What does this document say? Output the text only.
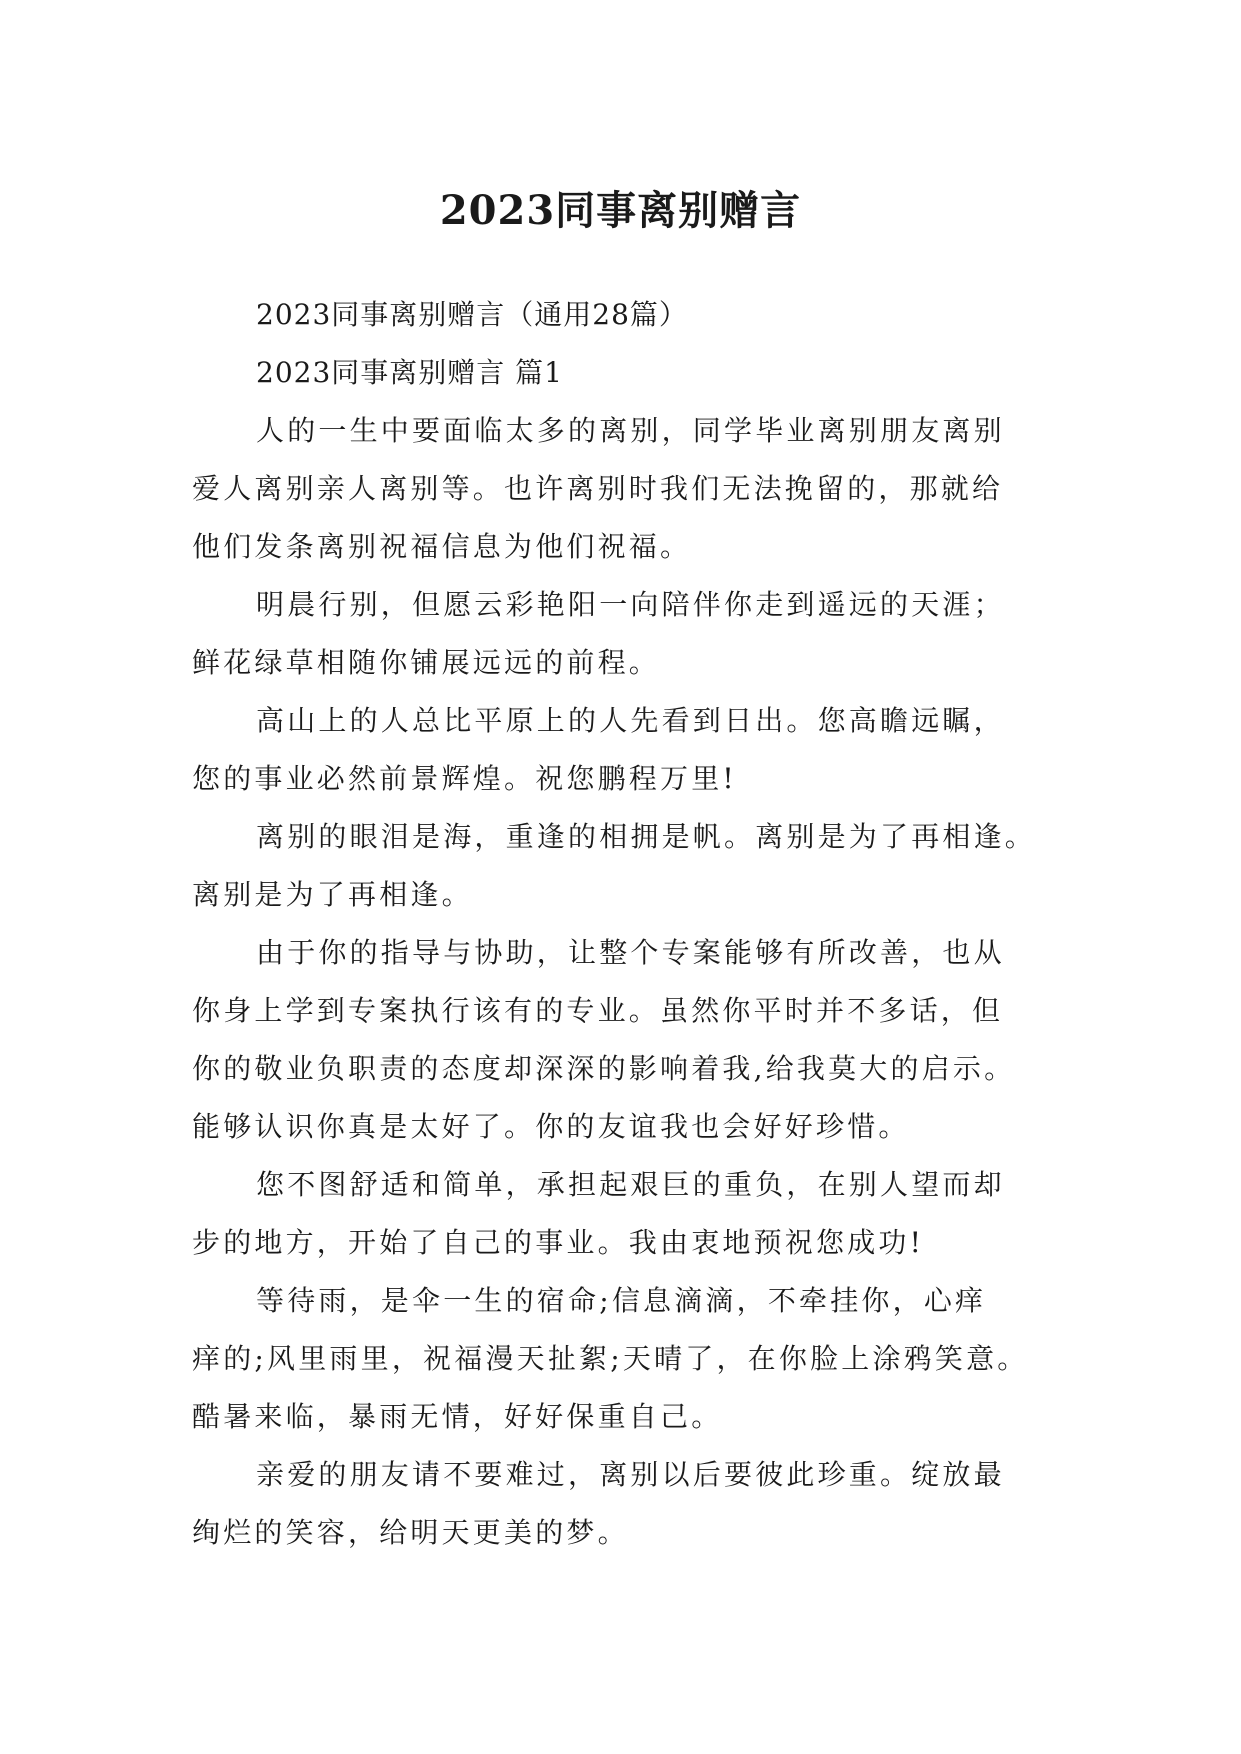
2023同事离别赠言

2023同事离别赠言（通用28篇）

2023同事离别赠言 篇1

人的一生中要面临太多的离别，同学毕业离别朋友离别
爱人离别亲人离别等。也许离别时我们无法挽留的，那就给
他们发条离别祝福信息为他们祝福。

明晨行别，但愿云彩艳阳一向陪伴你走到遥远的天涯；
鲜花绿草相随你铺展远远的前程。

高山上的人总比平原上的人先看到日出。您高瞻远瞩，
您的事业必然前景辉煌。祝您鹏程万里!

离别的眼泪是海，重逢的相拥是帆。离别是为了再相逢。
离别是为了再相逢。

由于你的指导与协助，让整个专案能够有所改善，也从
你身上学到专案执行该有的专业。虽然你平时并不多话，但
你的敬业负职责的态度却深深的影响着我,给我莫大的启示。
能够认识你真是太好了。你的友谊我也会好好珍惜。

您不图舒适和简单，承担起艰巨的重负，在别人望而却
步的地方，开始了自己的事业。我由衷地预祝您成功!

等待雨，是伞一生的宿命;信息滴滴，不牵挂你，心痒
痒的;风里雨里，祝福漫天扯絮;天晴了，在你脸上涂鸦笑意。
酷暑来临，暴雨无情，好好保重自己。

亲爱的朋友请不要难过，离别以后要彼此珍重。绽放最
绚烂的笑容，给明天更美的梦。
